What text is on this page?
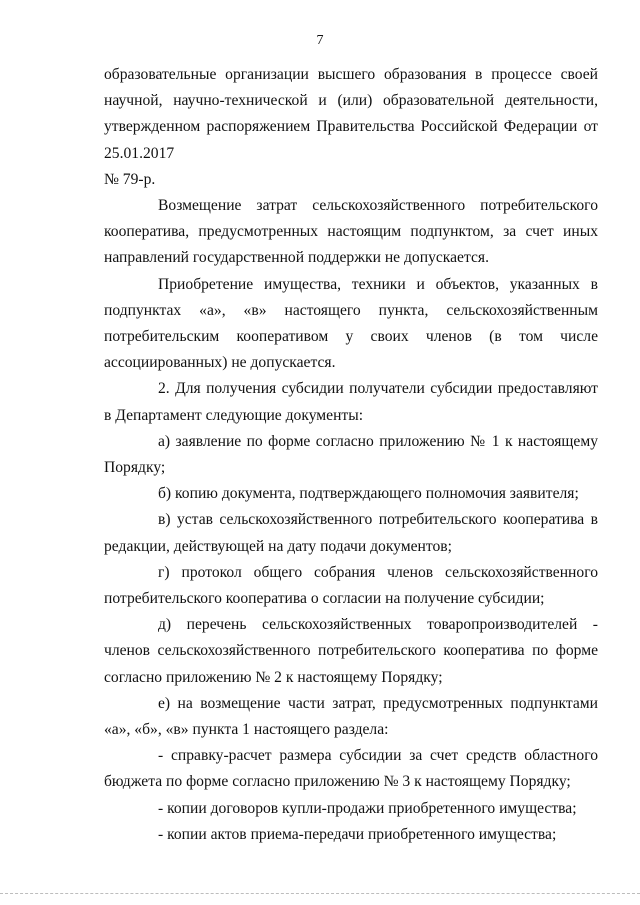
7

образовательные организации высшего образования в процессе своей научной, научно-технической и (или) образовательной деятельности, утвержденном распоряжением Правительства Российской Федерации от 25.01.2017

№ 79-р.

Возмещение затрат сельскохозяйственного потребительского кооператива, предусмотренных настоящим подпунктом, за счет иных направлений государственной поддержки не допускается.

Приобретение имущества, техники и объектов, указанных в подпунктах «а», «в» настоящего пункта, сельскохозяйственным потребительским кооперативом у своих членов (в том числе ассоциированных) не допускается.

2. Для получения субсидии получатели субсидии предоставляют в Департамент следующие документы:

а) заявление по форме согласно приложению № 1 к настоящему Порядку;

б) копию документа, подтверждающего полномочия заявителя;

в) устав сельскохозяйственного потребительского кооператива в редакции, действующей на дату подачи документов;

г) протокол общего собрания членов сельскохозяйственного потребительского кооператива о согласии на получение субсидии;

д) перечень сельскохозяйственных товаропроизводителей - членов сельскохозяйственного потребительского кооператива по форме согласно приложению № 2 к настоящему Порядку;

е) на возмещение части затрат, предусмотренных подпунктами «а», «б», «в» пункта 1 настоящего раздела:

- справку-расчет размера субсидии за счет средств областного бюджета по форме согласно приложению № 3 к настоящему Порядку;

- копии договоров купли-продажи приобретенного имущества;

- копии актов приема-передачи приобретенного имущества;
